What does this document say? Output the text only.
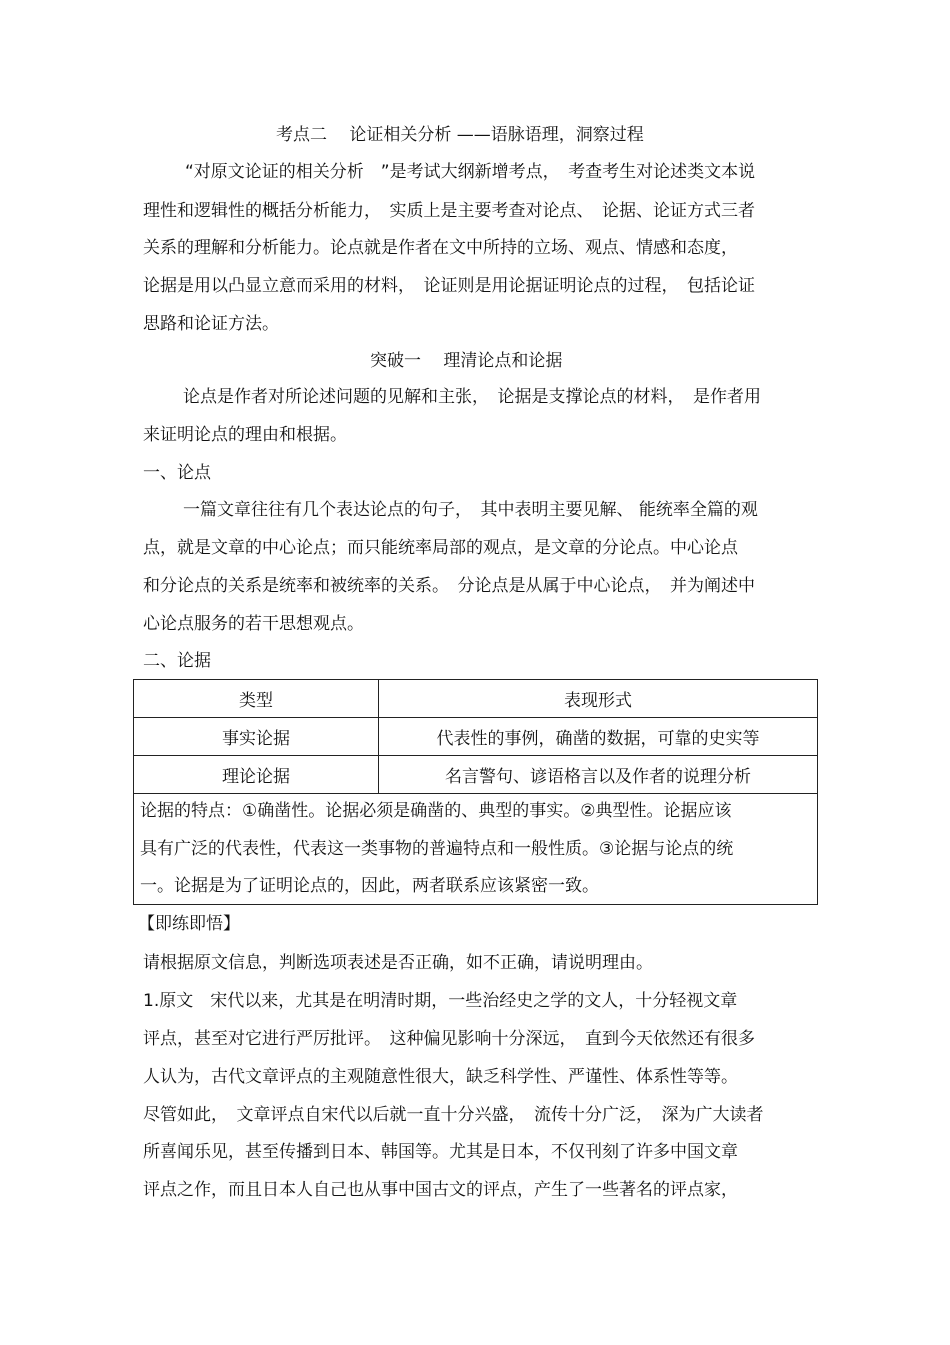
考点二　 论证相关分析 ——语脉语理，洞察过程
“对原文论证的相关分析　”是考试大纲新增考点，　考查考生对论述类文本说
理性和逻辑性的概括分析能力，　实质上是主要考查对论点、　论据、论证方式三者
关系的理解和分析能力。论点就是作者在文中所持的立场、观点、情感和态度，
论据是用以凸显立意而采用的材料，　论证则是用论据证明论点的过程，　包括论证
思路和论证方法。
突破一　 理清论点和论据
论点是作者对所论述问题的见解和主张，　论据是支撑论点的材料，　是作者用
来证明论点的理由和根据。
一、论点
一篇文章往往有几个表达论点的句子，　其中表明主要见解、 能统率全篇的观
点，就是文章的中心论点；而只能统率局部的观点，是文章的分论点。中心论点
和分论点的关系是统率和被统率的关系。　分论点是从属于中心论点，　并为阐述中
心论点服务的若干思想观点。
二、论据
类型	表现形式
事实论据	代表性的事例，确凿的数据，可靠的史实等
理论论据	名言警句、谚语格言以及作者的说理分析
论据的特点：①确凿性。论据必须是确凿的、典型的事实。②典型性。论据应该
具有广泛的代表性，代表这一类事物的普遍特点和一般性质。③论据与论点的统
一。论据是为了证明论点的，因此，两者联系应该紧密一致。
【即练即悟】
请根据原文信息，判断选项表述是否正确，如不正确，请说明理由。
1.原文　宋代以来，尤其是在明清时期，一些治经史之学的文人，十分轻视文章
评点，甚至对它进行严厉批评。　这种偏见影响十分深远，　直到今天依然还有很多
人认为，古代文章评点的主观随意性很大，缺乏科学性、严谨性、体系性等等。
尽管如此，　文章评点自宋代以后就一直十分兴盛，　流传十分广泛，　深为广大读者
所喜闻乐见，甚至传播到日本、韩国等。尤其是日本，不仅刊刻了许多中国文章
评点之作，而且日本人自己也从事中国古文的评点，产生了一些著名的评点家，
